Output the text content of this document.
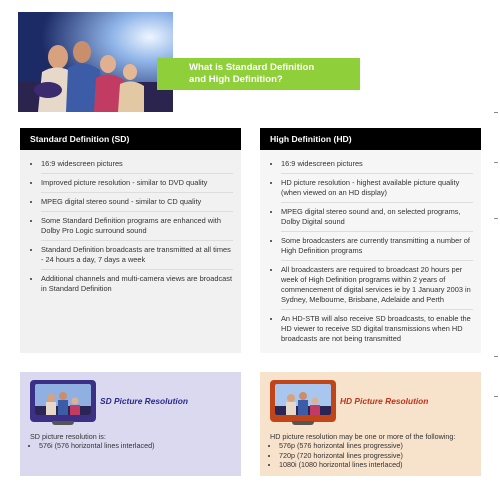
What is Standard Definition
and High Definition?
Standard Definition (SD)
• 16:9 widescreen pictures
• Improved picture resolution - similar to DVD quality
• MPEG digital stereo sound - similar to CD quality
• Some Standard Definition programs are enhanced with Dolby Pro Logic surround sound
• Standard Definition broadcasts are transmitted at all times - 24 hours a day, 7 days a week
• Additional channels and multi-camera views are broadcast in Standard Definition
High Definition (HD)
• 16:9 widescreen pictures
• HD picture resolution - highest available picture quality (when viewed on an HD display)
• MPEG digital stereo sound and, on selected programs, Dolby Digital sound
• Some broadcasters are currently transmitting a number of High Definition programs
• All broadcasters are required to broadcast 20 hours per week of High Definition programs within 2 years of commencement of digital services ie by 1 January 2003 in Sydney, Melbourne, Brisbane, Adelaide and Perth
• An HD-STB will also receive SD broadcasts, to enable the HD viewer to receive SD digital transmissions when HD broadcasts are not being transmitted
SD Picture Resolution
SD picture resolution is:
• 576i (576 horizontal lines interlaced)
HD Picture Resolution
HD picture resolution may be one or more of the following:
• 576p (576 horizontal lines progressive)
• 720p (720 horizontal lines progressive)
• 1080i (1080 horizontal lines interlaced)
